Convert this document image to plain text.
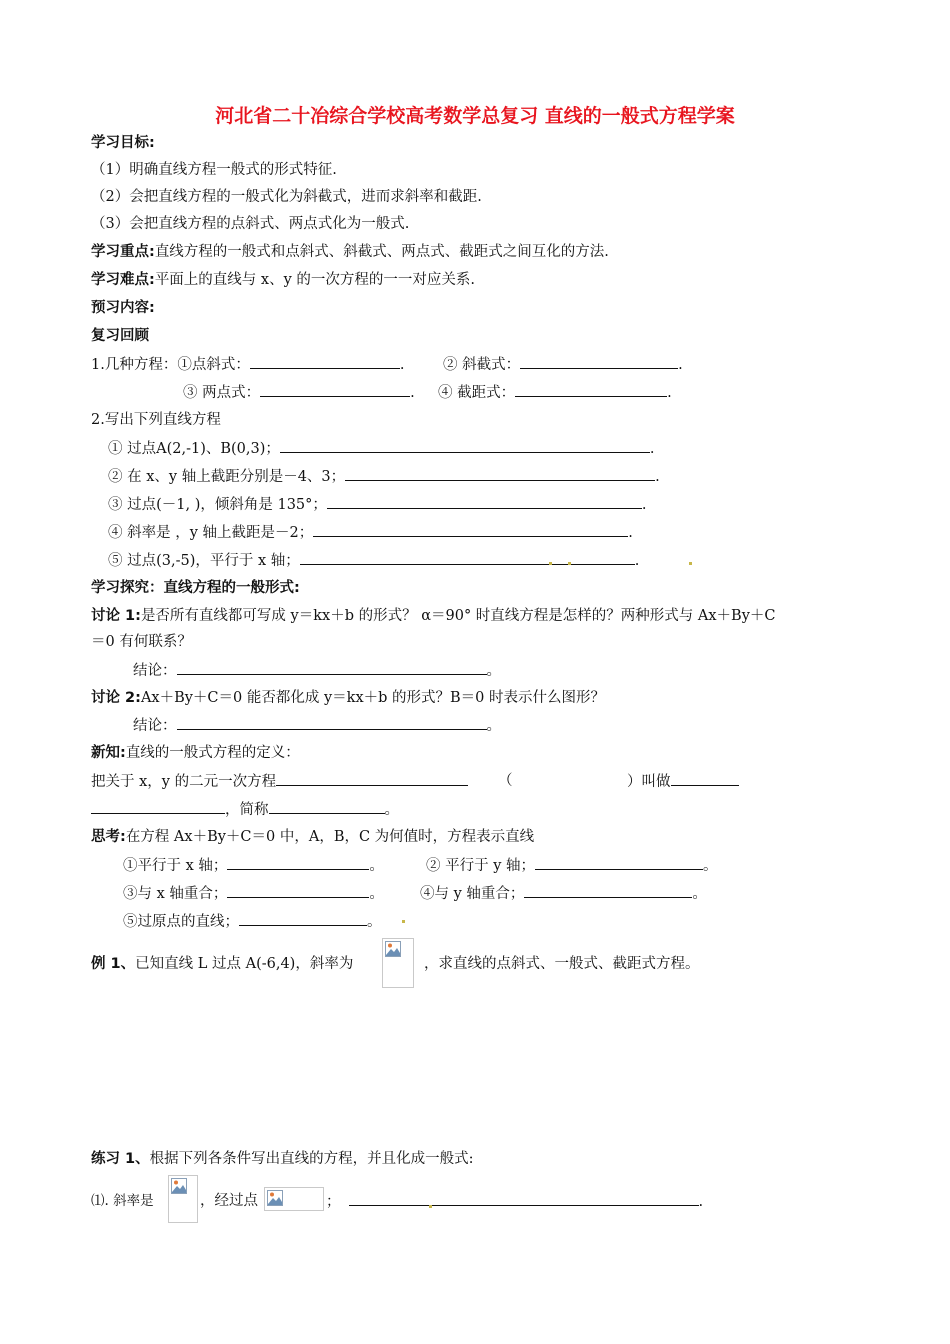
河北省二十冶综合学校高考数学总复习 直线的一般式方程学案
学习目标:
（1）明确直线方程一般式的形式特征.
（2）会把直线方程的一般式化为斜截式，进而求斜率和截距.
（3）会把直线方程的点斜式、两点式化为一般式.
学习重点:直线方程的一般式和点斜式、斜截式、两点式、截距式之间互化的方法.
学习难点:平面上的直线与 x、y 的一次方程的一一对应关系.
预习内容:
复习回顾
1.几种方程：①点斜式：	.	② 斜截式：	.
③ 两点式：	. ④ 截距式：	.
2.写出下列直线方程
① 过点A(2,-1)、B(0,3)；	.
② 在 x、y 轴上截距分别是－4、3；	.
③ 过点(－1, )，倾斜角是 135°；	.
④ 斜率是 ，y 轴上截距是－2；	.
⑤ 过点(3,-5)，平行于 x 轴；	.
学习探究：直线方程的一般形式:
讨论 1:是否所有直线都可写成 y＝kx＋b 的形式？ α＝90° 时直线方程是怎样的？两种形式与 Ax＋By＋C
＝0 有何联系？
结论：	。
讨论 2:Ax＋By＋C＝0 能否都化成 y＝kx＋b 的形式？B＝0 时表示什么图形？
结论：	。
新知:直线的一般式方程的定义：
把关于 x，y 的二元一次方程	（	）叫做
，简称	。
思考:在方程 Ax＋By＋C＝0 中，A，B，C 为何值时，方程表示直线
①平行于 x 轴；	。	② 平行于 y 轴；	。
③与 x 轴重合；	。 ④与 y 轴重合；	。
⑤过原点的直线；	。
例 1、已知直线 L 过点 A(-6,4)，斜率为	，求直线的点斜式、一般式、截距式方程。
练习 1、根据下列各条件写出直线的方程，并且化成一般式:
⑴. 斜率是	，经过点	；	.
